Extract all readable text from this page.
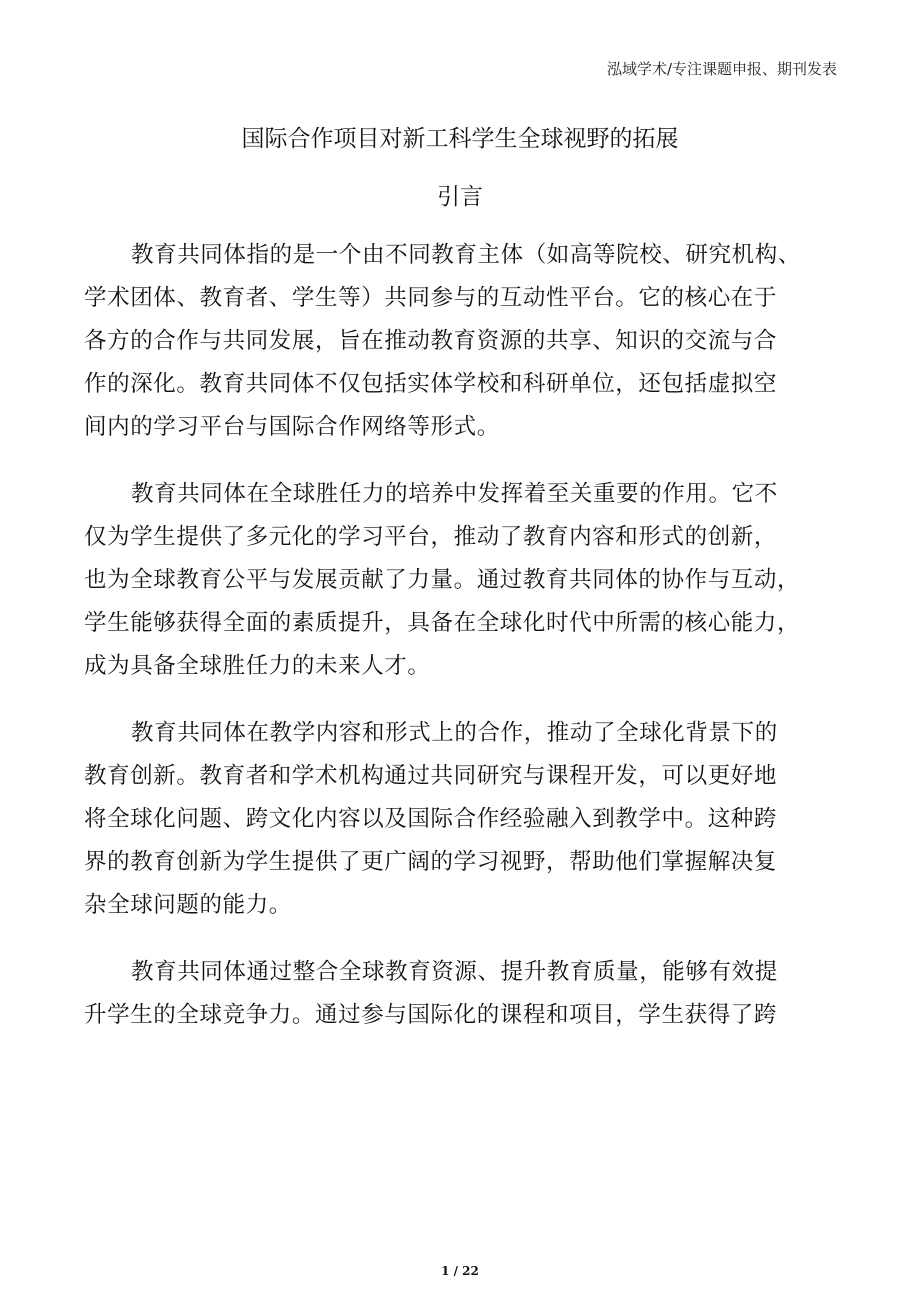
泓域学术/专注课题申报、期刊发表
国际合作项目对新工科学生全球视野的拓展
引言
教育共同体指的是一个由不同教育主体（如高等院校、研究机构、
学术团体、教育者、学生等）共同参与的互动性平台。它的核心在于
各方的合作与共同发展，旨在推动教育资源的共享、知识的交流与合
作的深化。教育共同体不仅包括实体学校和科研单位，还包括虚拟空
间内的学习平台与国际合作网络等形式。
教育共同体在全球胜任力的培养中发挥着至关重要的作用。它不
仅为学生提供了多元化的学习平台，推动了教育内容和形式的创新，
也为全球教育公平与发展贡献了力量。通过教育共同体的协作与互动，
学生能够获得全面的素质提升，具备在全球化时代中所需的核心能力，
成为具备全球胜任力的未来人才。
教育共同体在教学内容和形式上的合作，推动了全球化背景下的
教育创新。教育者和学术机构通过共同研究与课程开发，可以更好地
将全球化问题、跨文化内容以及国际合作经验融入到教学中。这种跨
界的教育创新为学生提供了更广阔的学习视野，帮助他们掌握解决复
杂全球问题的能力。
教育共同体通过整合全球教育资源、提升教育质量，能够有效提
升学生的全球竞争力。通过参与国际化的课程和项目，学生获得了跨
1 / 22
